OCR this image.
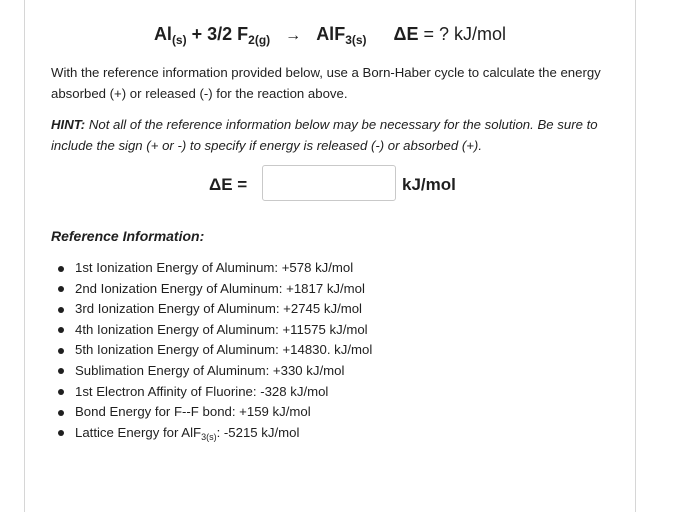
$Al_{(s)} + 3/2$ $F_{2(g)} \to AlF_{3(s)}$ ΔE = ? kJ/mol
With the reference information provided below, use a Born-Haber cycle to calculate the energy absorbed (+) or released (-) for the reaction above.
HINT: Not all of the reference information below may be necessary for the solution. Be sure to include the sign (+ or -) to specify if energy is released (-) or absorbed (+).
ΔE =	kJ/mol
Reference Information:
1st Ionization Energy of Aluminum: +578 kJ/mol
2nd Ionization Energy of Aluminum: +1817 kJ/mol
3rd Ionization Energy of Aluminum: +2745 kJ/mol
4th Ionization Energy of Aluminum: +11575 kJ/mol
5th Ionization Energy of Aluminum: +14830. kJ/mol
Sublimation Energy of Aluminum: +330 kJ/mol
1st Electron Affinity of Fluorine: -328 kJ/mol
Bond Energy for F--F bond: +159 kJ/mol
Lattice Energy for AlF$_{3(s)}$: -5215 kJ/mol
